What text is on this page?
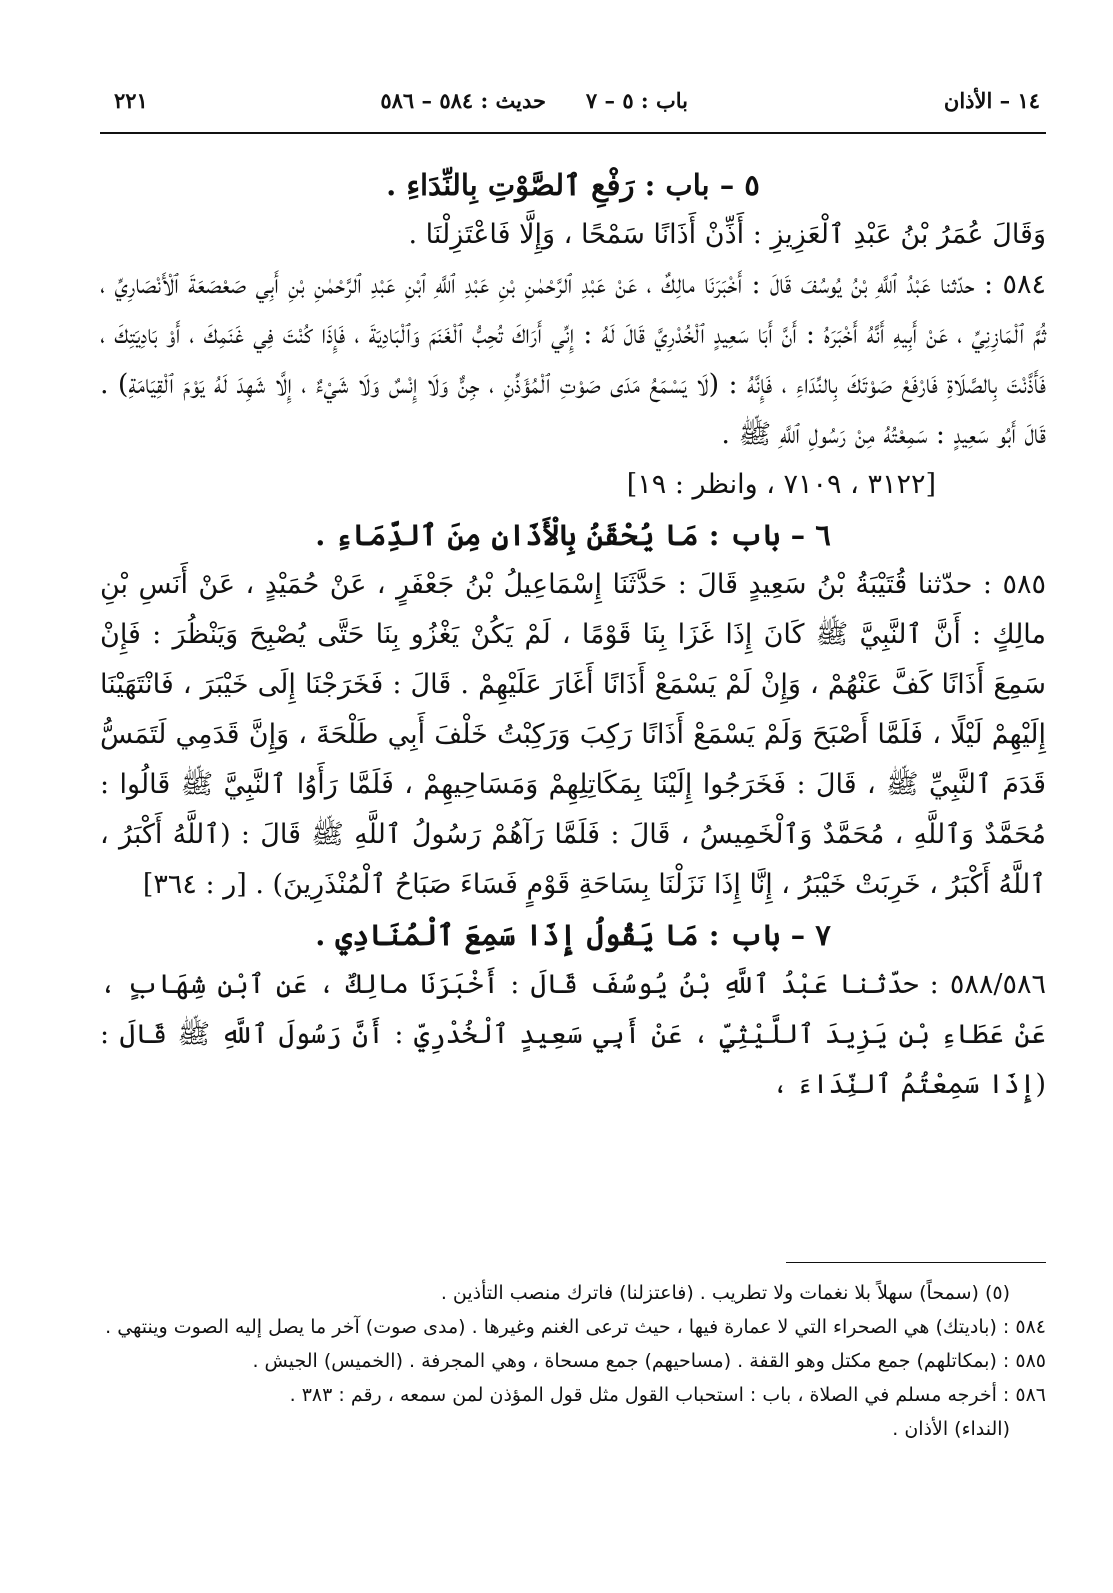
١٤ – الأذان
باب : ٥ – ٧
حديث : ٥٨٤ – ٥٨٦
٢٢١

٥ – باب : رَفْعِ ٱلصَّوْتِ بِالنِّدَاءِ .

وَقَالَ عُمَرُ بْنُ عَبْدِ ٱلْعَزِيزِ : أَذِّنْ أَذَانًا سَمْحًا ، وَإِلَّا فَاعْتَزِلْنَا .

٥٨٤ : حدّثنا عَبْدُ ٱللَّهِ بْنُ يُوسُفَ قَالَ : أَخْبَرَنَا مالِكٌ ، عَنْ عَبْدِ ٱلرَّحْمٰنِ بْنِ عَبْدِ ٱللَّهِ ٱبْنِ عَبْدِ ٱلرَّحْمٰنِ بْنِ أَبِي صَعْصَعَةَ ٱلْأَنْصَارِيِّ ، ثُمَّ ٱلْمَازِنِيِّ ، عَنْ أَبِيهِ أَنَّهُ أَخْبَرَهُ : أَنَّ أَبَا سَعِيدٍ ٱلْخُدْرِيَّ قَالَ لَهُ : إِنِّي أَرَاكَ تُحِبُّ ٱلْغَنَمَ وَٱلْبَادِيَةَ ، فَإِذَا كُنْتَ فِي غَنَمِكَ ، أَوْ بَادِيَتِكَ ، فَأَذَّنْتَ بِالصَّلَاةِ فَارْفَعْ صَوْتَكَ بِالنِّدَاءِ ، فَإِنَّهُ : (لَا يَسْمَعُ مَدَى صَوْتِ ٱلْمُؤَذِّنِ ، جِنٌّ وَلَا إِنْسٌ وَلَا شَيْءٌ ، إِلَّا شَهِدَ لَهُ يَوْمَ ٱلْقِيَامَةِ) . قَالَ أَبُو سَعِيدٍ : سَمِعْتُهُ مِنْ رَسُولِ ٱللَّهِ ﷺ .

[٣١٢٢ ، ٧١٠٩ ، وانظر : ١٩]

٦ – باب : مَا يُحْقَنُ بِالْأَذَانِ مِنَ ٱلدِّمَاءِ .

٥٨٥ : حدّثنا قُتَيْبَةُ بْنُ سَعِيدٍ قَالَ : حَدَّثَنَا إِسْمَاعِيلُ بْنُ جَعْفَرٍ ، عَنْ حُمَيْدٍ ، عَنْ أَنَسِ بْنِ مالِكٍ : أَنَّ ٱلنَّبِيَّ ﷺ كَانَ إِذَا غَزَا بِنَا قَوْمًا ، لَمْ يَكُنْ يَغْزُو بِنَا حَتَّى يُصْبِحَ وَيَنْظُرَ : فَإِنْ سَمِعَ أَذَانًا كَفَّ عَنْهُمْ ، وَإِنْ لَمْ يَسْمَعْ أَذَانًا أَغَارَ عَلَيْهِمْ . قَالَ : فَخَرَجْنَا إِلَى خَيْبَرَ ، فَانْتَهَيْنَا إِلَيْهِمْ لَيْلًا ، فَلَمَّا أَصْبَحَ وَلَمْ يَسْمَعْ أَذَانًا رَكِبَ وَرَكِبْتُ خَلْفَ أَبِي طَلْحَةَ ، وَإِنَّ قَدَمِي لَتَمَسُّ قَدَمَ ٱلنَّبِيِّ ﷺ ، قَالَ : فَخَرَجُوا إِلَيْنَا بِمَكَاتِلِهِمْ وَمَسَاحِيهِمْ ، فَلَمَّا رَأَوُا ٱلنَّبِيَّ ﷺ قَالُوا : مُحَمَّدٌ وَٱللَّهِ ، مُحَمَّدٌ وَٱلْخَمِيسُ ، قَالَ : فَلَمَّا رَآهُمْ رَسُولُ ٱللَّهِ ﷺ قَالَ : (ٱللَّهُ أَكْبَرُ ، ٱللَّهُ أَكْبَرُ ، خَرِبَتْ خَيْبَرُ ، إِنَّا إِذَا نَزَلْنَا بِسَاحَةِ قَوْمٍ فَسَاءَ صَبَاحُ ٱلْمُنْذَرِينَ) . [ر : ٣٦٤]

٧ – باب : مَا يَقُولُ إِذَا سَمِعَ ٱلْمُنَادِي .

٥٨٨/٥٨٦ : حدّثنا عَبْدُ ٱللَّهِ بْنُ يُوسُفَ قَالَ : أَخْبَرَنَا مالِكٌ ، عَنِ ٱبْنِ شِهَابٍ ، عَنْ عَطَاءِ بْنِ يَزِيدَ ٱللَّيْثِيِّ ، عَنْ أَبِي سَعِيدٍ ٱلْخُدْرِيِّ : أَنَّ رَسُولَ ٱللَّهِ ﷺ قَالَ : (إِذَا سَمِعْتُمُ ٱلنِّدَاءَ ،

(٥) (سمحاً) سهلاً بلا نغمات ولا تطريب . (فاعتزلنا) فاترك منصب التأذين .

٥٨٤ : (باديتك) هي الصحراء التي لا عمارة فيها ، حيث ترعى الغنم وغيرها . (مدى صوت) آخر ما يصل إليه الصوت وينتهي .

٥٨٥ : (بمكاتلهم) جمع مكتل وهو القفة . (مساحيهم) جمع مسحاة ، وهي المجرفة . (الخميس) الجيش .

٥٨٦ : أخرجه مسلم في الصلاة ، باب : استحباب القول مثل قول المؤذن لمن سمعه ، رقم : ٣٨٣ .

(النداء) الأذان .
